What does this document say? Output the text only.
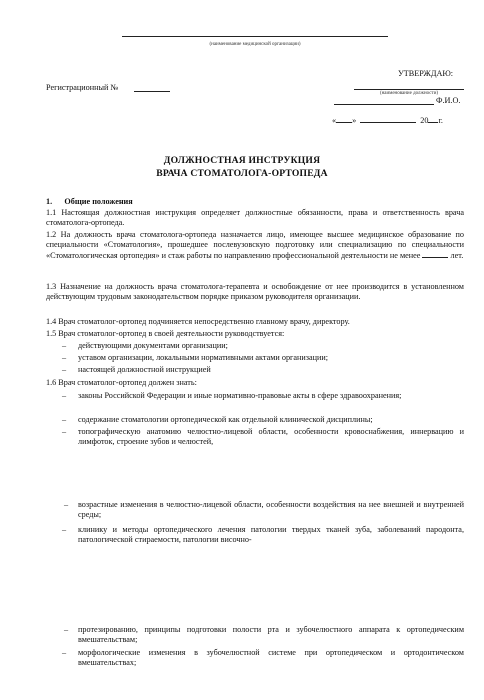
(наименование медицинской организации)
Регистрационный №
УТВЕРЖДАЮ:
(наименование должности)
Ф.И.О.
« »	20 г.
ДОЛЖНОСТНАЯ ИНСТРУКЦИЯ
ВРАЧА СТОМАТОЛОГА-ОРТОПЕДА
1.      Общие положения
1.1 Настоящая должностная инструкция определяет должностные обязанности, права и ответственность врача стоматолога-ортопеда.
1.2 На должность врача стоматолога-ортопеда назначается лицо, имеющее высшее медицинское образование по специальности «Стоматология», прошедшее послевузовскую подготовку или специализацию по специальности «Стоматологическая ортопедия» и стаж работы по направлению профессиональной деятельности не менее	лет.
1.3 Назначение на должность врача стоматолога-терапевта и освобождение от нее производится в установленном действующим трудовым законодательством порядке приказом руководителя организации.
1.4 Врач стоматолог-ортопед подчиняется непосредственно главному врачу, директору.
1.5 Врач стоматолог-ортопед в своей деятельности руководствуется:
– действующими документами организации;
– уставом организации, локальными нормативными актами организации;
– настоящей должностной инструкцией
1.6 Врач стоматолог-ортопед должен знать:
– законы Российской Федерации и иные нормативно-правовые акты в сфере здравоохранения;
– содержание стоматологии ортопедической как отдельной клинической дисциплины;
– топографическую анатомию челюстно-лицевой области, особенности кровоснабжения, иннервацию и лимфоток, строение зубов и челюстей,
– возрастные изменения в челюстно-лицевой области, особенности воздействия на нее внешней и внутренней среды;
– клинику и методы ортопедического лечения патологии твердых тканей зуба, заболеваний пародонта, патологической стираемости, патологии височно-
– протезированию, принципы подготовки полости рта и зубочелюстного аппарата к ортопедическим вмешательствам;
– морфологические изменения в зубочелюстной системе при ортопедическом и ортодонтическом вмешательствах;
